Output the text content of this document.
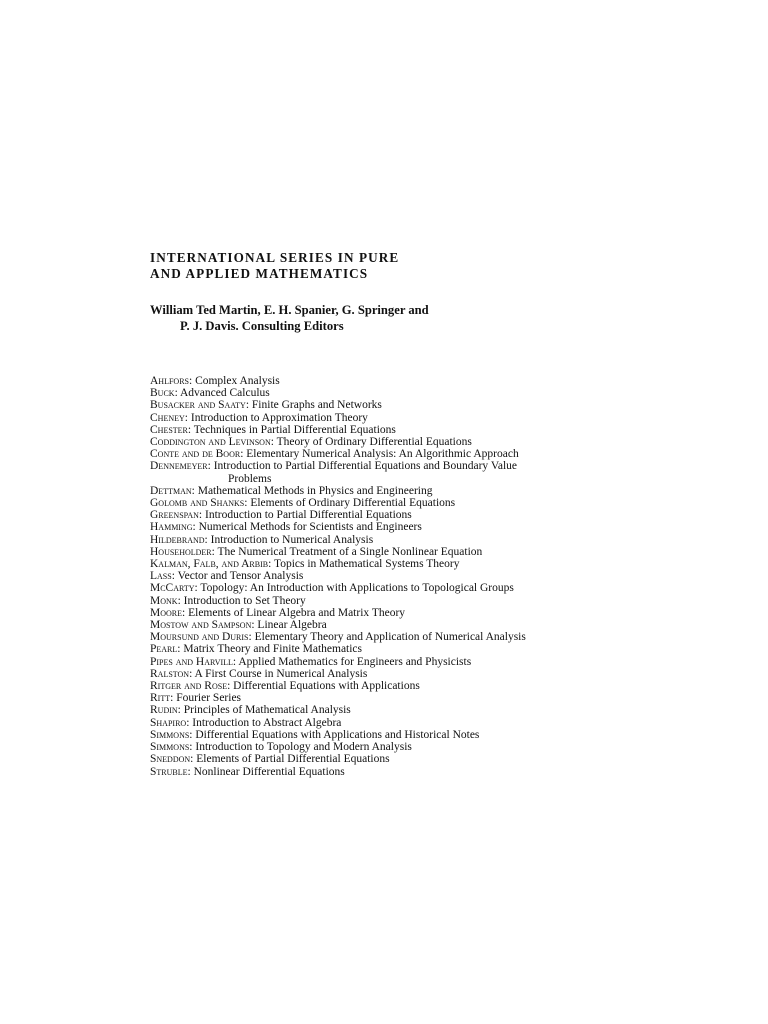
INTERNATIONAL SERIES IN PURE
AND APPLIED MATHEMATICS
William Ted Martin, E. H. Spanier, G. Springer and
P. J. Davis. Consulting Editors
Ahlfors: Complex Analysis
Buck: Advanced Calculus
Busacker and Saaty: Finite Graphs and Networks
Cheney: Introduction to Approximation Theory
Chester: Techniques in Partial Differential Equations
Coddington and Levinson: Theory of Ordinary Differential Equations
Conte and de Boor: Elementary Numerical Analysis: An Algorithmic Approach
Dennemeyer: Introduction to Partial Differential Equations and Boundary Value
Problems
Dettman: Mathematical Methods in Physics and Engineering
Golomb and Shanks: Elements of Ordinary Differential Equations
Greenspan: Introduction to Partial Differential Equations
Hamming: Numerical Methods for Scientists and Engineers
Hildebrand: Introduction to Numerical Analysis
Householder: The Numerical Treatment of a Single Nonlinear Equation
Kalman, Falb, and Arbib: Topics in Mathematical Systems Theory
Lass: Vector and Tensor Analysis
McCarty: Topology: An Introduction with Applications to Topological Groups
Monk: Introduction to Set Theory
Moore: Elements of Linear Algebra and Matrix Theory
Mostow and Sampson: Linear Algebra
Moursund and Duris: Elementary Theory and Application of Numerical Analysis
Pearl: Matrix Theory and Finite Mathematics
Pipes and Harvill: Applied Mathematics for Engineers and Physicists
Ralston: A First Course in Numerical Analysis
Ritger and Rose: Differential Equations with Applications
Ritt: Fourier Series
Rudin: Principles of Mathematical Analysis
Shapiro: Introduction to Abstract Algebra
Simmons: Differential Equations with Applications and Historical Notes
Simmons: Introduction to Topology and Modern Analysis
Sneddon: Elements of Partial Differential Equations
Struble: Nonlinear Differential Equations
